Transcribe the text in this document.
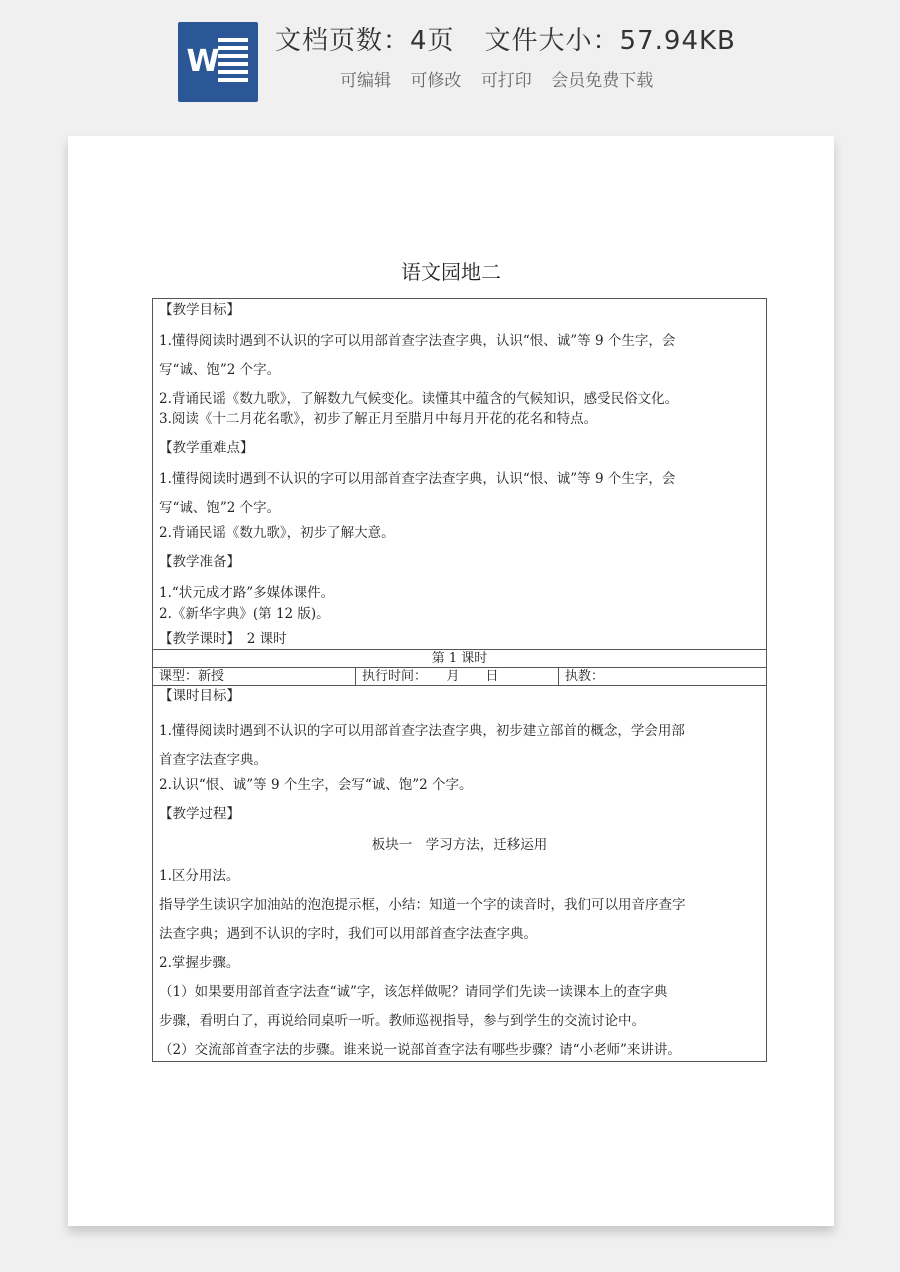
W
文档页数：4页 文件大小：57.94KB
可编辑 可修改 可打印 会员免费下载
语文园地二

【教学目标】

1.懂得阅读时遇到不认识的字可以用部首查字法查字典，认识“恨、诚”等 9 个生字，会

写“诚、饱”2 个字。

2.背诵民谣《数九歌》，了解数九气候变化。读懂其中蕴含的气候知识，感受民俗文化。

3.阅读《十二月花名歌》，初步了解正月至腊月中每月开花的花名和特点。

【教学重难点】

1.懂得阅读时遇到不认识的字可以用部首查字法查字典，认识“恨、诚”等 9 个生字，会

写“诚、饱”2 个字。

2.背诵民谣《数九歌》，初步了解大意。

【教学准备】

1.“状元成才路”多媒体课件。

2.《新华字典》(第 12 版)。

【教学课时】　2 课时

第 1 课时
课型：新授	执行时间：　　月　　日	执教：

【课时目标】

1.懂得阅读时遇到不认识的字可以用部首查字法查字典，初步建立部首的概念，学会用部

首查字法查字典。

2.认识“恨、诚”等 9 个生字，会写“诚、饱”2 个字。

【教学过程】

板块一　学习方法，迁移运用

1.区分用法。

指导学生读识字加油站的泡泡提示框，小结：知道一个字的读音时，我们可以用音序查字

法查字典；遇到不认识的字时，我们可以用部首查字法查字典。

2.掌握步骤。

（1）如果要用部首查字法查“诚”字，该怎样做呢？请同学们先读一读课本上的查字典

步骤，看明白了，再说给同桌听一听。教师巡视指导，参与到学生的交流讨论中。

（2）交流部首查字法的步骤。谁来说一说部首查字法有哪些步骤？请“小老师”来讲讲。
